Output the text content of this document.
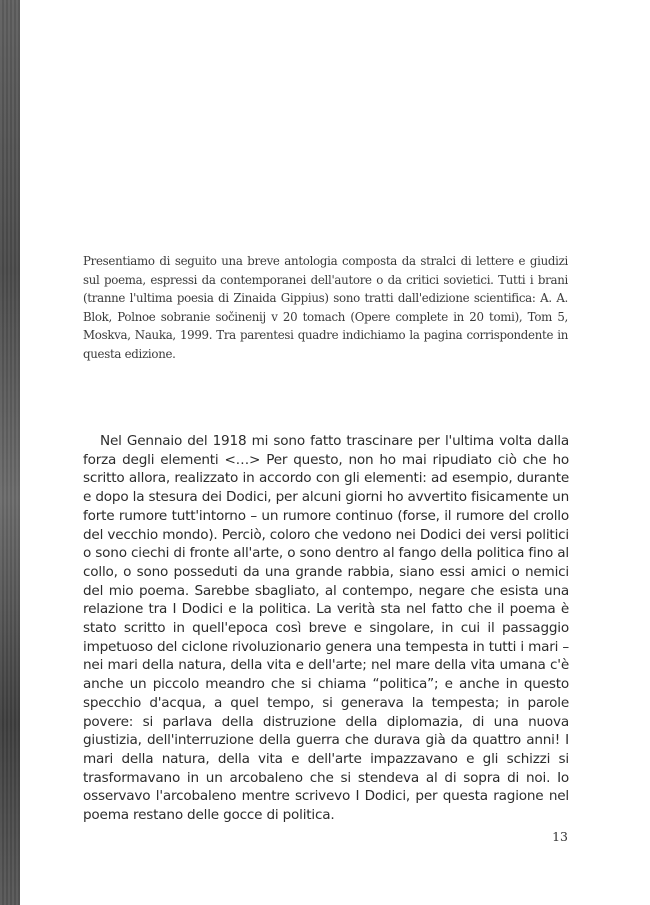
Presentiamo di seguito una breve antologia composta da stralci di lettere e giudizi sul poema, espressi da contemporanei dell'autore o da critici sovietici. Tutti i brani (tranne l'ultima poesia di Zinaida Gippius) sono tratti dall'edizione scientifica: A. A. Blok, Polnoe sobranie sočinenij v 20 tomach (Opere complete in 20 tomi), Tom 5, Moskva, Nauka, 1999. Tra parentesi quadre indichiamo la pagina corrispondente in questa edizione.

Nel Gennaio del 1918 mi sono fatto trascinare per l'ultima volta dalla forza degli elementi <…> Per questo, non ho mai ripudiato ciò che ho scritto allora, realizzato in accordo con gli elementi: ad esempio, durante e dopo la stesura dei Dodici, per alcuni giorni ho avvertito fisicamente un forte rumore tutt'intorno – un rumore continuo (forse, il rumore del crollo del vecchio mondo). Perciò, coloro che vedono nei Dodici dei versi politici o sono ciechi di fronte all'arte, o sono dentro al fango della politica fino al collo, o sono posseduti da una grande rabbia, siano essi amici o nemici del mio poema. Sarebbe sbagliato, al contempo, negare che esista una relazione tra I Dodici e la politica. La verità sta nel fatto che il poema è stato scritto in quell'epoca così breve e singolare, in cui il passaggio impetuoso del ciclone rivoluzionario genera una tempesta in tutti i mari – nei mari della natura, della vita e dell'arte; nel mare della vita umana c'è anche un piccolo meandro che si chiama “politica”; e anche in questo specchio d'acqua, a quel tempo, si generava la tempesta; in parole povere: si parlava della distruzione della diplomazia, di una nuova giustizia, dell'interruzione della guerra che durava già da quattro anni! I mari della natura, della vita e dell'arte impazzavano e gli schizzi si trasformavano in un arcobaleno che si stendeva al di sopra di noi. Io osservavo l'arcobaleno mentre scrivevo I Dodici, per questa ragione nel poema restano delle gocce di politica.

13
